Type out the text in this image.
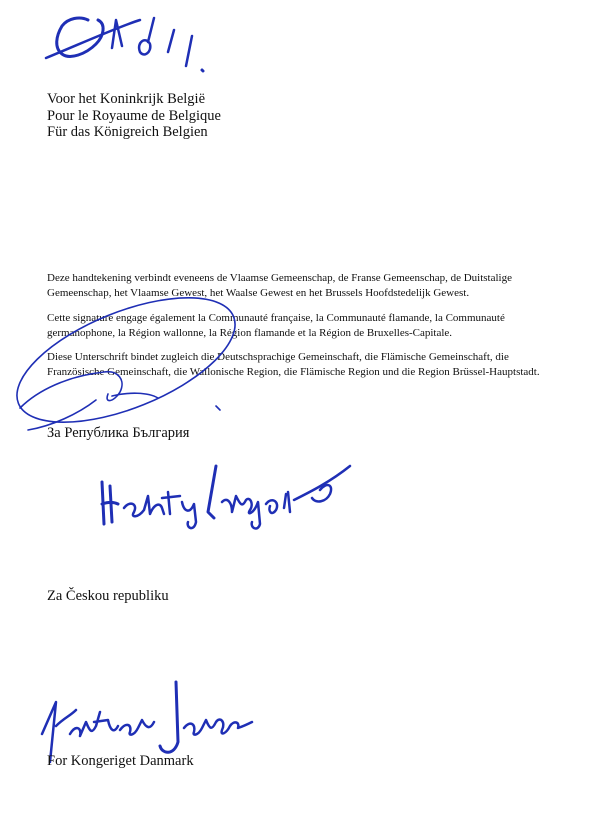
Voor het Koninkrijk België
Pour le Royaume de Belgique
Für das Königreich Belgien
Deze handtekening verbindt eveneens de Vlaamse Gemeenschap, de Franse Gemeenschap, de Duitstalige
Gemeenschap, het Vlaamse Gewest, het Waalse Gewest en het Brussels Hoofdstedelijk Gewest.
Cette signature engage également la Communauté française, la Communauté flamande, la Communauté
germanophone, la Région wallonne, la Région flamande et la Région de Bruxelles-Capitale.
Diese Unterschrift bindet zugleich die Deutschsprachige Gemeinschaft, die Flämische Gemeinschaft, die
Französische Gemeinschaft, die Wallonische Region, die Flämische Region und die Region Brüssel-Hauptstadt.
За Република България
Za Českou republiku
For Kongeriget Danmark
